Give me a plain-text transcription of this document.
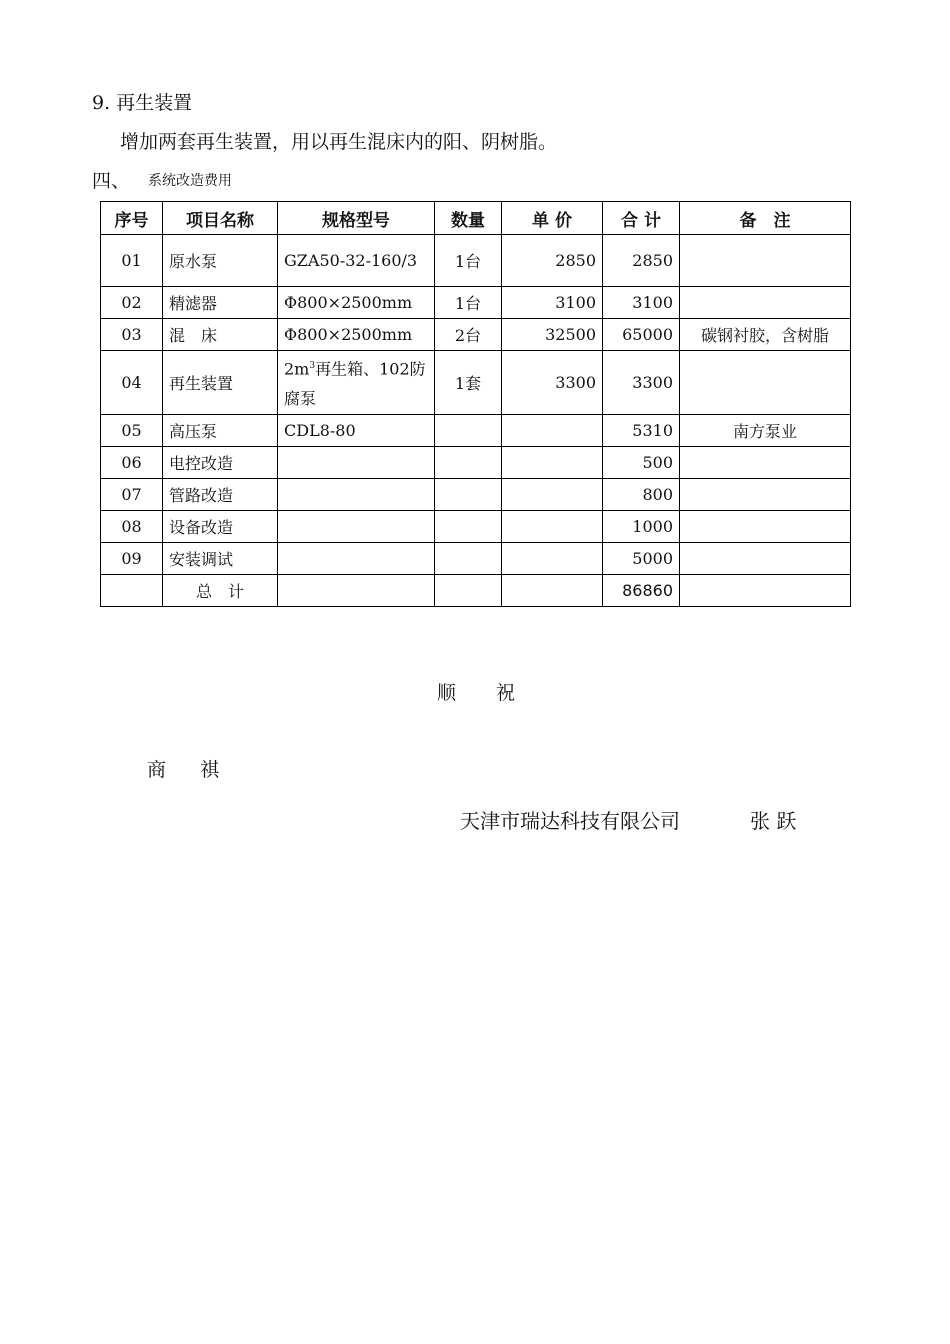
9. 再生装置
增加两套再生装置，用以再生混床内的阳、阴树脂。
四、 系统改造费用
序号	项目名称	规格型号	数量	单 价	合 计	备　注
01	原水泵	GZA50-32-160/3	1台	2850	2850	
02	精滤器	Φ800×2500mm	1台	3100	3100	
03	混　床	Φ800×2500mm	2台	32500	65000	碳钢衬胶，含树脂
04	再生装置	$2m^3$再生箱、102防腐泵	1套	3300	3300	
05	高压泵	CDL8-80			5310	南方泵业
06	电控改造				500	
07	管路改造				800	
08	设备改造				1000	
09	安装调试				5000	
	总　计				86860	
顺祝
商祺
天津市瑞达科技有限公司	张 跃
